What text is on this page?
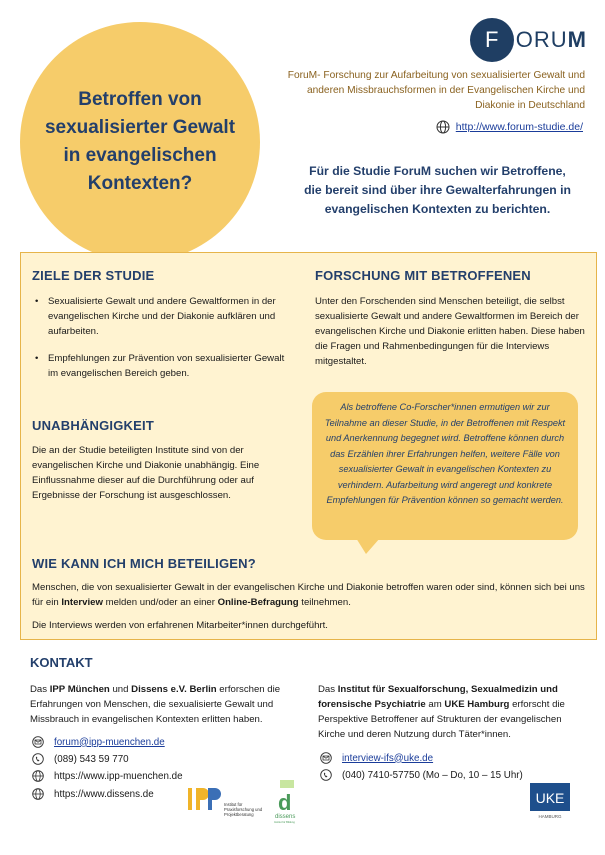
Betroffen von sexualisierter Gewalt in evangelischen Kontexten?
F ORUM
ForuM- Forschung zur Aufarbeitung von sexualisierter Gewalt und
anderen Missbrauchsformen in der Evangelischen Kirche und
Diakonie in Deutschland
http://www.forum-studie.de/
Für die Studie ForuM suchen wir Betroffene,
die bereit sind über ihre Gewalterfahrungen in
evangelischen Kontexten zu berichten.
ZIELE DER STUDIE
• Sexualisierte Gewalt und andere Gewaltformen in der evangelischen Kirche und der Diakonie aufklären und aufarbeiten.
• Empfehlungen zur Prävention von sexualisierter Gewalt im evangelischen Bereich geben.
FORSCHUNG MIT BETROFFENEN
Unter den Forschenden sind Menschen beteiligt, die selbst sexualisierte Gewalt und andere Gewaltformen im Bereich der evangelischen Kirche und Diakonie erlitten haben. Diese haben die Fragen und Rahmenbedingungen für die Interviews mitgestaltet.
UNABHÄNGIGKEIT
Die an der Studie beteiligten Institute sind von der evangelischen Kirche und Diakonie unabhängig. Eine Einflussnahme dieser auf die Durchführung oder auf Ergebnisse der Forschung ist ausgeschlossen.
Als betroffene Co-Forscher*innen ermutigen wir zur Teilnahme an dieser Studie, in der Betroffenen mit Respekt und Anerkennung begegnet wird. Betroffene können durch das Erzählen ihrer Erfahrungen helfen, weitere Fälle von sexualisierter Gewalt in evangelischen Kontexten zu verhindern. Aufarbeitung wird angeregt und konkrete Empfehlungen für Prävention können so gemacht werden.
WIE KANN ICH MICH BETEILIGEN?
Menschen, die von sexualisierter Gewalt in der evangelischen Kirche und Diakonie betroffen waren oder sind, können sich bei uns für ein Interview melden und/oder an einer Online-Befragung teilnehmen.
Die Interviews werden von erfahrenen Mitarbeiter*innen durchgeführt.
KONTAKT
Das IPP München und Dissens e.V. Berlin erforschen die Erfahrungen von Menschen, die sexualisierte Gewalt und Missbrauch in evangelischen Kontexten erlitten haben.
forum@ipp-muenchen.de
(089) 543 59 770
https://www.ipp-muenchen.de
https://www.dissens.de
Das Institut für Sexualforschung, Sexualmedizin und forensische Psychiatrie am UKE Hamburg erforscht die Perspektive Betroffener auf Strukturen der evangelischen Kirche und deren Nutzung durch Täter*innen.
interview-ifs@uke.de
(040) 7410-57750 (Mo – Do, 10 – 15 Uhr)
Institut für
Praxisforschung und
Projektberatung d
dissens
Institut für Bildung
UKE
HAMBURG
